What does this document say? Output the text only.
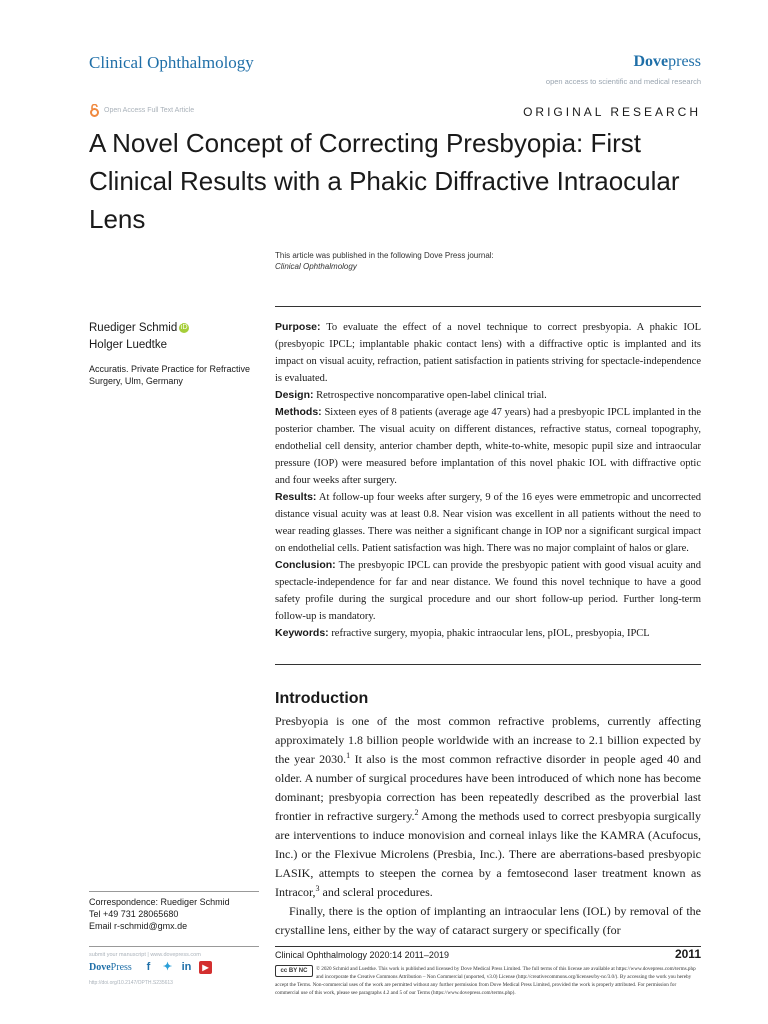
Clinical Ophthalmology	Dovepress
open access to scientific and medical research
Open Access Full Text Article	ORIGINAL RESEARCH
A Novel Concept of Correcting Presbyopia: First Clinical Results with a Phakic Diffractive Intraocular Lens
This article was published in the following Dove Press journal:
Clinical Ophthalmology
Ruediger Schmid iD
Holger Luedtke
Accuratis. Private Practice for Refractive Surgery, Ulm, Germany

Purpose: To evaluate the effect of a novel technique to correct presbyopia. A phakic IOL (presbyopic IPCL; implantable phakic contact lens) with a diffractive optic is implanted and its impact on visual acuity, refraction, patient satisfaction in patients striving for spectacle-independence is evaluated.

Design: Retrospective noncomparative open-label clinical trial.

Methods: Sixteen eyes of 8 patients (average age 47 years) had a presbyopic IPCL implanted in the posterior chamber. The visual acuity on different distances, refractive status, corneal topography, endothelial cell density, anterior chamber depth, white-to-white, mesopic pupil size and intraocular pressure (IOP) were measured before implantation of this novel phakic IOL with diffractive optic and four weeks after surgery.

Results: At follow-up four weeks after surgery, 9 of the 16 eyes were emmetropic and uncorrected distance visual acuity was at least 0.8. Near vision was excellent in all patients without the need to wear reading glasses. There was neither a significant change in IOP nor a significant surgical impact on endothelial cells. Patient satisfaction was high. There was no major complaint of halos or glare.

Conclusion: The presbyopic IPCL can provide the presbyopic patient with good visual acuity and spectacle-independence for far and near distance. We found this novel technique to have a good safety profile during the surgical procedure and our short follow-up period. Further long-term follow-up is mandatory.

Keywords: refractive surgery, myopia, phakic intraocular lens, pIOL, presbyopia, IPCL

Introduction

Presbyopia is one of the most common refractive problems, currently affecting approximately 1.8 billion people worldwide with an increase to 2.1 billion expected by the year 2030.$^1$ It also is the most common refractive disorder in people aged 40 and older. A number of surgical procedures have been introduced of which none has become dominant; presbyopia correction has been repeatedly described as the proverbial last frontier in refractive surgery.$^2$ Among the methods used to correct presbyopia surgically are interventions to induce monovision and corneal inlays like the KAMRA (Acufocus, Inc.) or the Flexivue Microlens (Presbia, Inc.). There are aberrations-based presbyopic LASIK, attempts to steepen the cornea by a femtosecond laser treatment known as Intracor,$^3$ and scleral procedures.

Finally, there is the option of implanting an intraocular lens (IOL) by removal of the crystalline lens, either by the way of cataract surgery or specifically (for

Correspondence: Ruediger Schmid
Tel +49 731 28065680
Email r-schmid@gmx.de
submit your manuscript | www.dovepress.com
DovePress	f	✦ in	▶
http://doi.org/10.2147/OPTH.S235613
Clinical Ophthalmology 2020:14 2011–2019	2011
cc BY NC	© 2020 Schmid and Luedtke. This work is published and licensed by Dove Medical Press Limited. The full terms of this license are available at https://www.dovepress.com/terms.php and incorporate the Creative Commons Attribution – Non Commercial (unported, v3.0) License (http://creativecommons.org/licenses/by-nc/3.0/). By accessing the work you hereby accept the Terms. Non-commercial uses of the work are permitted without any further permission from Dove Medical Press Limited, provided the work is properly attributed. For permission for commercial use of this work, please see paragraphs 4.2 and 5 of our Terms (https://www.dovepress.com/terms.php).
